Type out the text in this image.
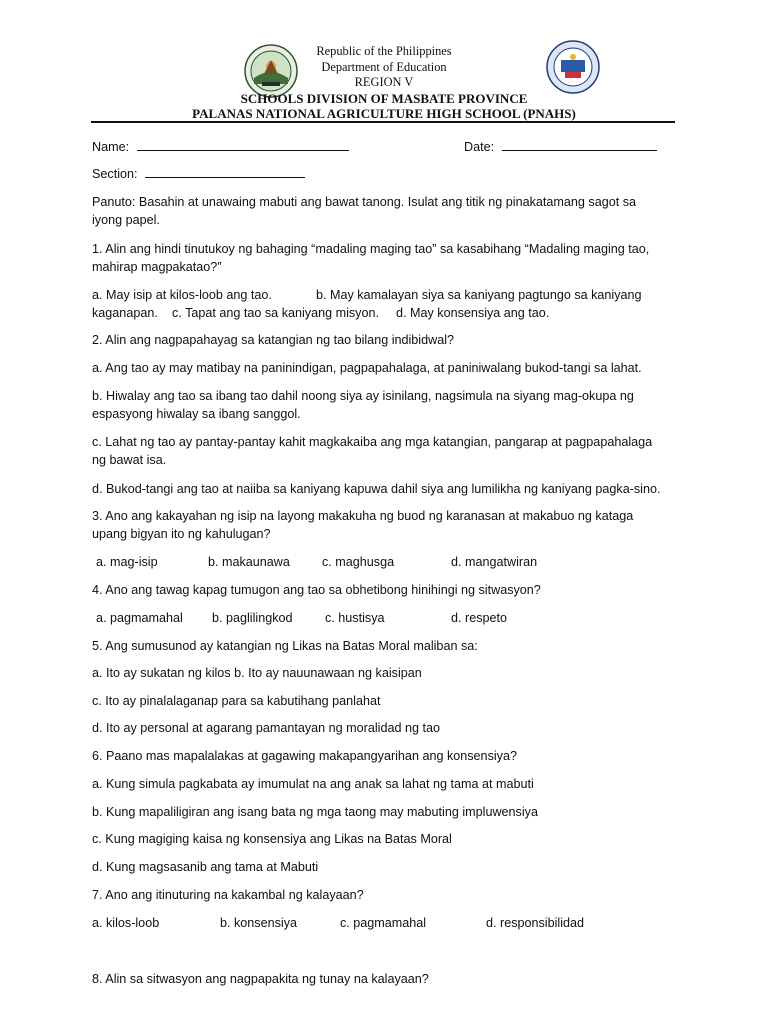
Republic of the Philippines
Department of Education
REGION V
SCHOOLS DIVISION OF MASBATE PROVINCE
PALANAS NATIONAL AGRICULTURE HIGH SCHOOL (PNAHS)
Name:	Date:
Section:
Panuto: Basahin at unawaing mabuti ang bawat tanong. Isulat ang titik ng pinakatamang sagot sa
iyong papel.
1. Alin ang hindi tinutukoy ng bahaging “madaling maging tao” sa kasabihang “Madaling maging tao,
mahirap magpakatao?”
a. May isip at kilos-loob ang tao.	b. May kamalayan siya sa kaniyang pagtungo sa kaniyang
kaganapan. c. Tapat ang tao sa kaniyang misyon. d. May konsensiya ang tao.
2. Alin ang nagpapahayag sa katangian ng tao bilang indibidwal?
a. Ang tao ay may matibay na paninindigan, pagpapahalaga, at paniniwalang bukod-tangi sa lahat.
b. Hiwalay ang tao sa ibang tao dahil noong siya ay isinilang, nagsimula na siyang mag-okupa ng
espasyong hiwalay sa ibang sanggol.
c. Lahat ng tao ay pantay-pantay kahit magkakaiba ang mga katangian, pangarap at pagpapahalaga
ng bawat isa.
d. Bukod-tangi ang tao at naiiba sa kaniyang kapuwa dahil siya ang lumilikha ng kaniyang pagka-sino.
3. Ano ang kakayahan ng isip na layong makakuha ng buod ng karanasan at makabuo ng kataga
upang bigyan ito ng kahulugan?
a. mag-isip	b. makaunawa	c. maghusga	d. mangatwiran
4. Ano ang tawag kapag tumugon ang tao sa obhetibong hinihingi ng sitwasyon?
a. pagmamahal b. paglilingkod	c. hustisya	d. respeto
5. Ang sumusunod ay katangian ng Likas na Batas Moral maliban sa:
a. Ito ay sukatan ng kilos b. Ito ay nauunawaan ng kaisipan
c. Ito ay pinalalaganap para sa kabutihang panlahat
d. Ito ay personal at agarang pamantayan ng moralidad ng tao
6. Paano mas mapalalakas at gagawing makapangyarihan ang konsensiya?
a. Kung simula pagkabata ay imumulat na ang anak sa lahat ng tama at mabuti
b. Kung mapaliligiran ang isang bata ng mga taong may mabuting impluwensiya
c. Kung magiging kaisa ng konsensiya ang Likas na Batas Moral
d. Kung magsasanib ang tama at Mabuti
7. Ano ang itinuturing na kakambal ng kalayaan?
a. kilos-loob	b. konsensiya	c. pagmamahal	d. responsibilidad
8. Alin sa sitwasyon ang nagpapakita ng tunay na kalayaan?
